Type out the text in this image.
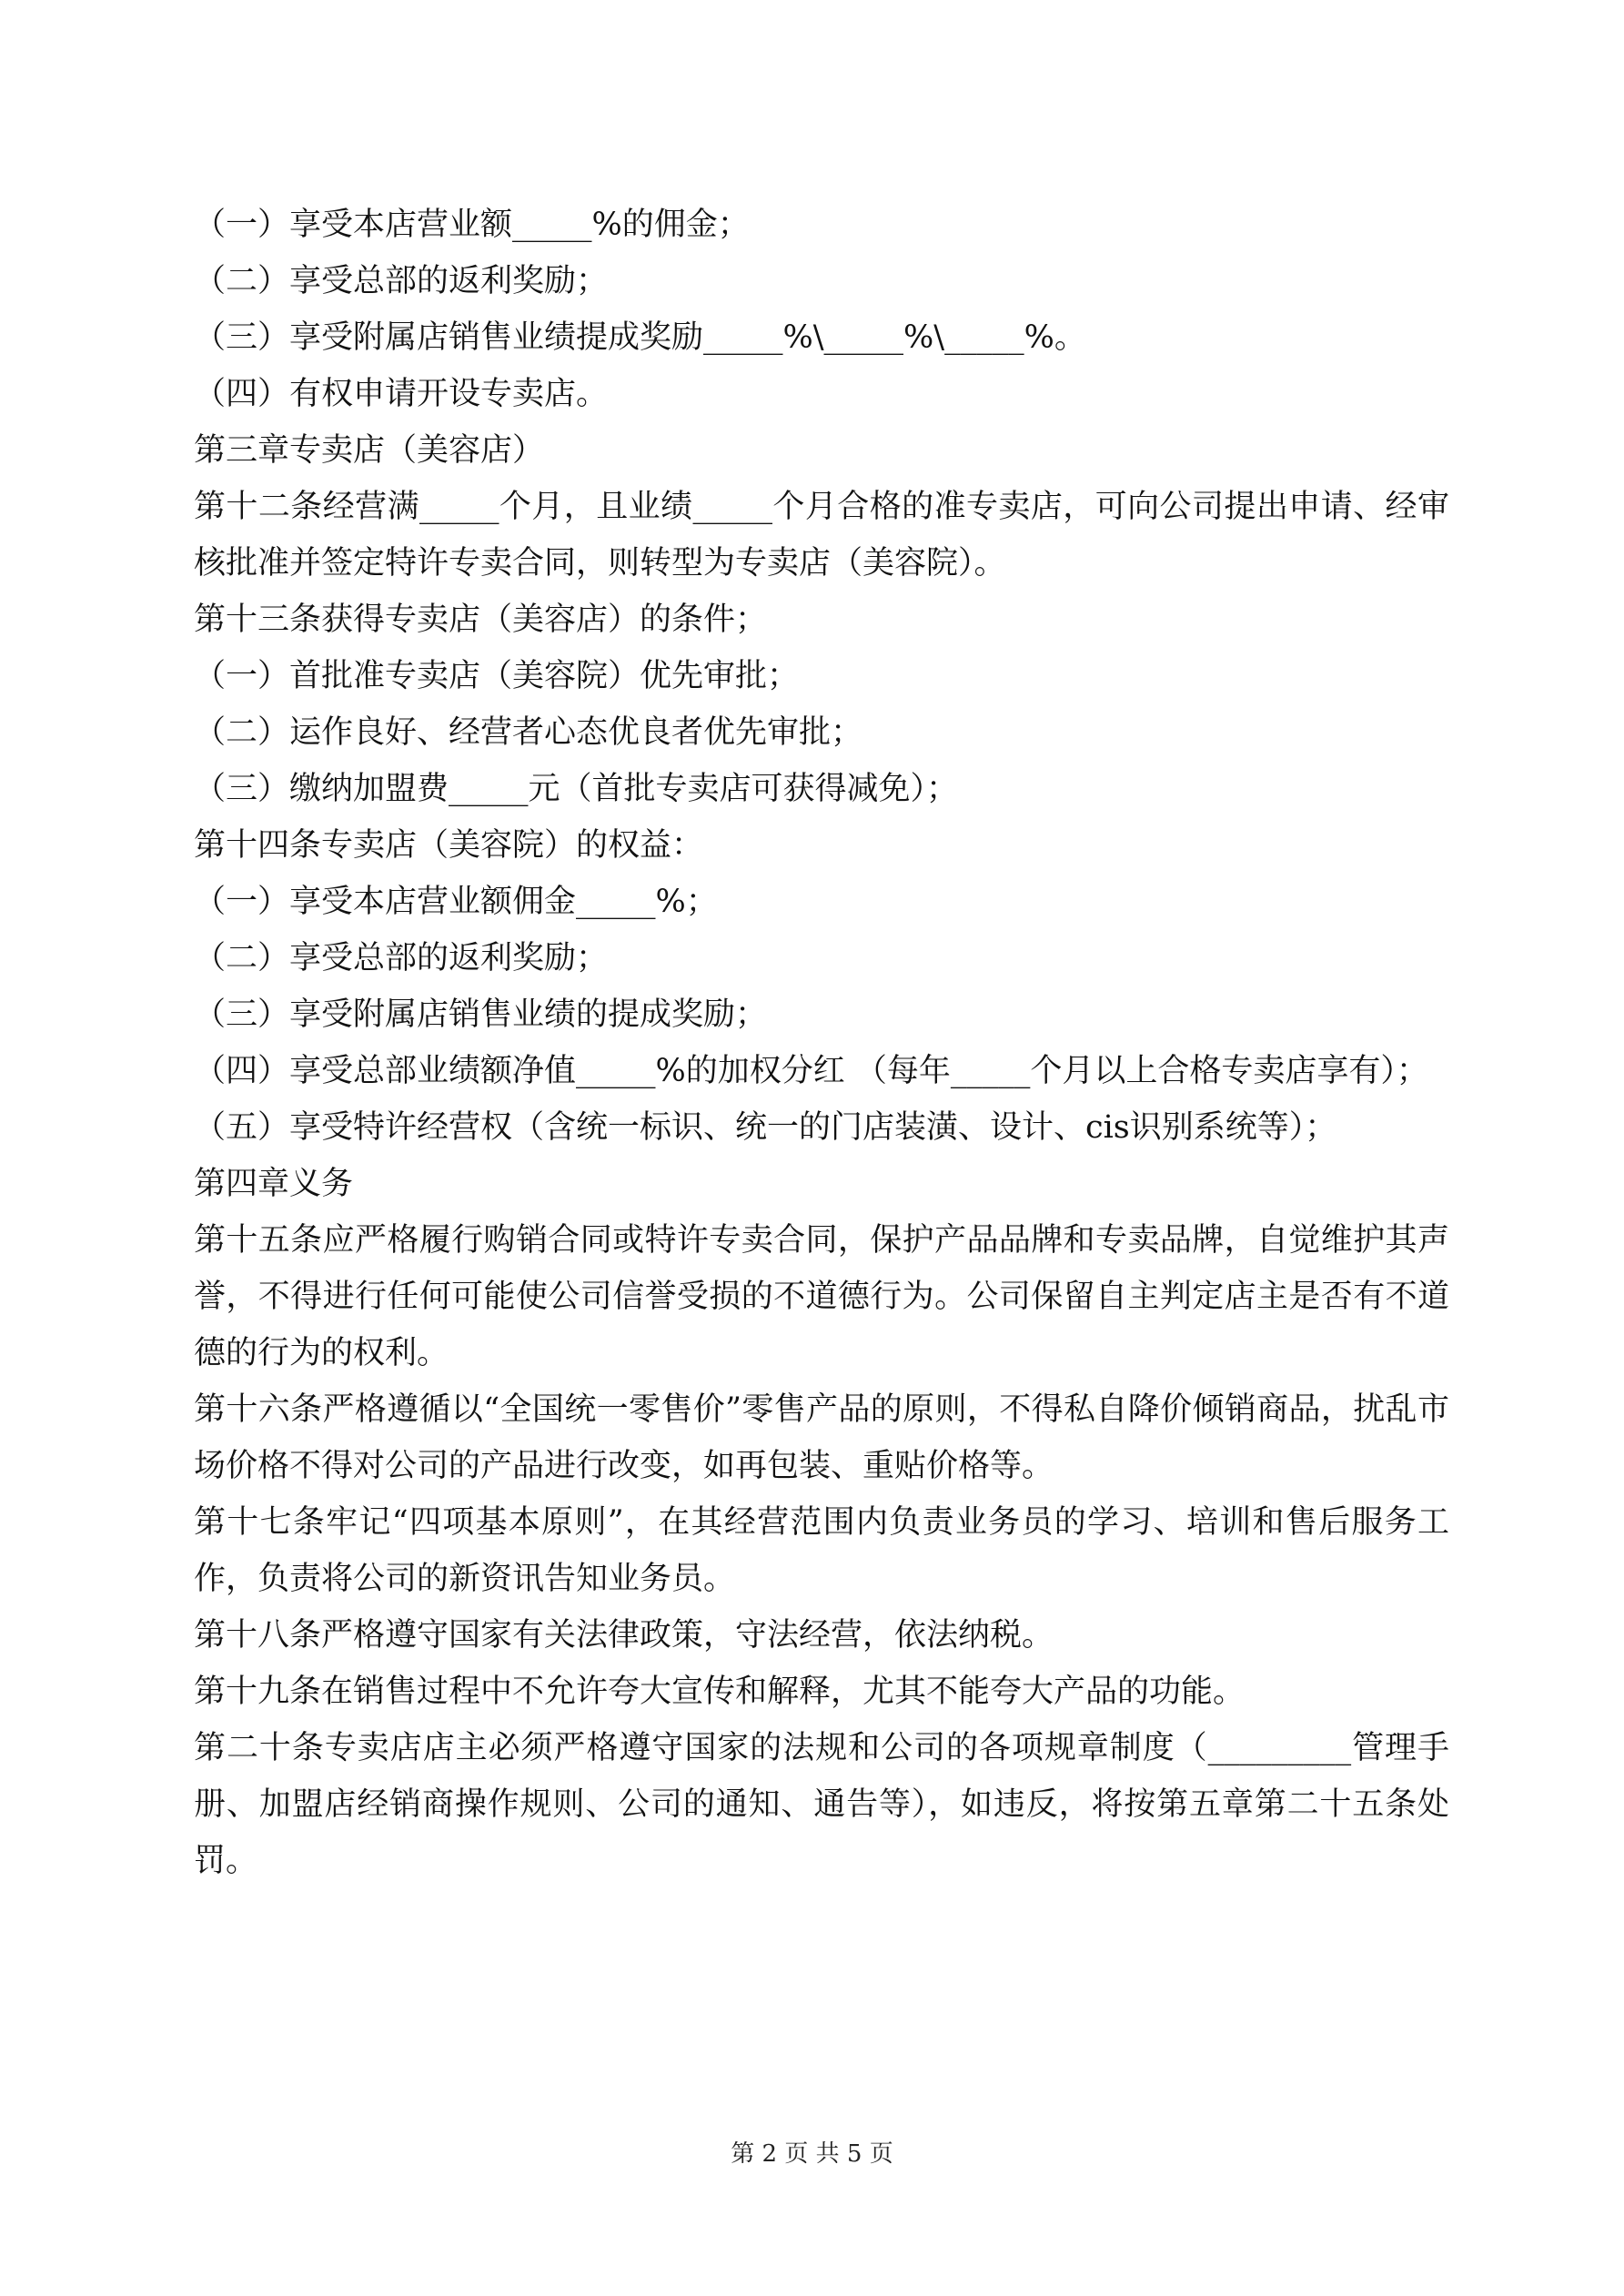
（一）享受本店营业额_____%的佣金；

（二）享受总部的返利奖励；

（三）享受附属店销售业绩提成奖励_____%\_____%\_____%。

（四）有权申请开设专卖店。

第三章专卖店（美容店）

第十二条经营满_____个月，且业绩_____个月合格的准专卖店，可向公司提出申请、经审核批准并签定特许专卖合同，则转型为专卖店（美容院）。

第十三条获得专卖店（美容店）的条件；

（一）首批准专卖店（美容院）优先审批；

（二）运作良好、经营者心态优良者优先审批；

（三）缴纳加盟费_____元（首批专卖店可获得减免）；

第十四条专卖店（美容院）的权益：

（一）享受本店营业额佣金_____%；

（二）享受总部的返利奖励；

（三）享受附属店销售业绩的提成奖励；

（四）享受总部业绩额净值_____%的加权分红 （每年_____个月以上合格专卖店享有）；

（五）享受特许经营权（含统一标识、统一的门店装潢、设计、cis识别系统等）；

第四章义务

第十五条应严格履行购销合同或特许专卖合同，保护产品品牌和专卖品牌，自觉维护其声誉，不得进行任何可能使公司信誉受损的不道德行为。公司保留自主判定店主是否有不道德的行为的权利。

第十六条严格遵循以“全国统一零售价”零售产品的原则，不得私自降价倾销商品，扰乱市场价格不得对公司的产品进行改变，如再包装、重贴价格等。

第十七条牢记“四项基本原则”，在其经营范围内负责业务员的学习、培训和售后服务工作，负责将公司的新资讯告知业务员。

第十八条严格遵守国家有关法律政策，守法经营，依法纳税。

第十九条在销售过程中不允许夸大宣传和解释，尤其不能夸大产品的功能。

第二十条专卖店店主必须严格遵守国家的法规和公司的各项规章制度（_________管理手册、加盟店经销商操作规则、公司的通知、通告等），如违反，将按第五章第二十五条处罚。

第 2 页 共 5 页
